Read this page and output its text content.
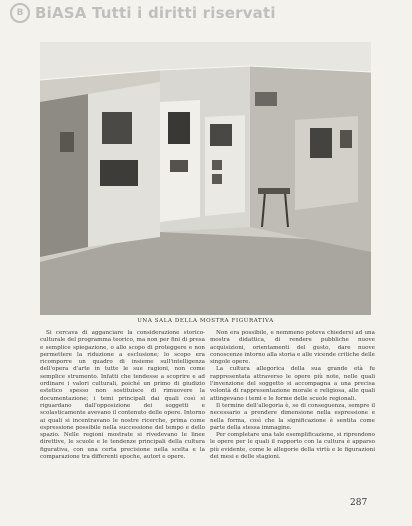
B BiASA Tutti i diritti riservati
UNA SALA DELLA MOSTRA FIGURATIVA

Si cercava di agganciare la considerazione storico-culturale del programma teorico, ma non per fini di presa e semplice spiegazione, o allo scopo di proteggere e non permettere la riduzione a esclusione; lo scopo era ricomporre un quadro di insieme sull'intelligenza dell'opera d'arte in tutte le sue ragioni, non come semplice strumento. Infatti che tendesse a scoprire e ad ordinare i valori culturali, poiché un primo di giudizio estetico spesso non sostituisce di rimuovere la documentazione; i temi principali dai quali così si riguardano dall'opposizione dei soggetti e scolasticamente avevano il contenuto delle opere. Intorno ai quali si incentravano le nostre ricerche, prima come espressione possibile nella successione del tempo e dello spazio. Nelle regioni mostrate si rivedevano le linee direttive, le scuole e le tendenze principali della cultura figurativa, con una certa precisione nella scelta e la comparazione tra differenti epoche, autori e opere.

Non era possibile, e nemmeno poteva chiedersi ad una mostra didattica, di rendere pubbliche nuove acquisizioni, orientamenti del gusto, dare nuove conoscenze intorno alla storia e alle vicende critiche delle singole opere.

La cultura allegorica della sua grande età fu rappresentata attraverso le opere più note, nelle quali l'invenzione del soggetto si accompagna a una precisa volontà di rappresentazione morale e religiosa, alle quali attingevano i temi e le forme delle scuole regionali.

Il termine dell'allegoria è, se di conseguenza, sempre il necessario a prendere dimensione nella espressione e nella forma, così che la significazione è sentita come parte della stessa immagine.

Per completare una tale esemplificazione, si riprendono le opere per le quali il rapporto con la cultura è apparso più evidente, come le allegorie della virtù e le figurazioni dei mesi e delle stagioni.

287
